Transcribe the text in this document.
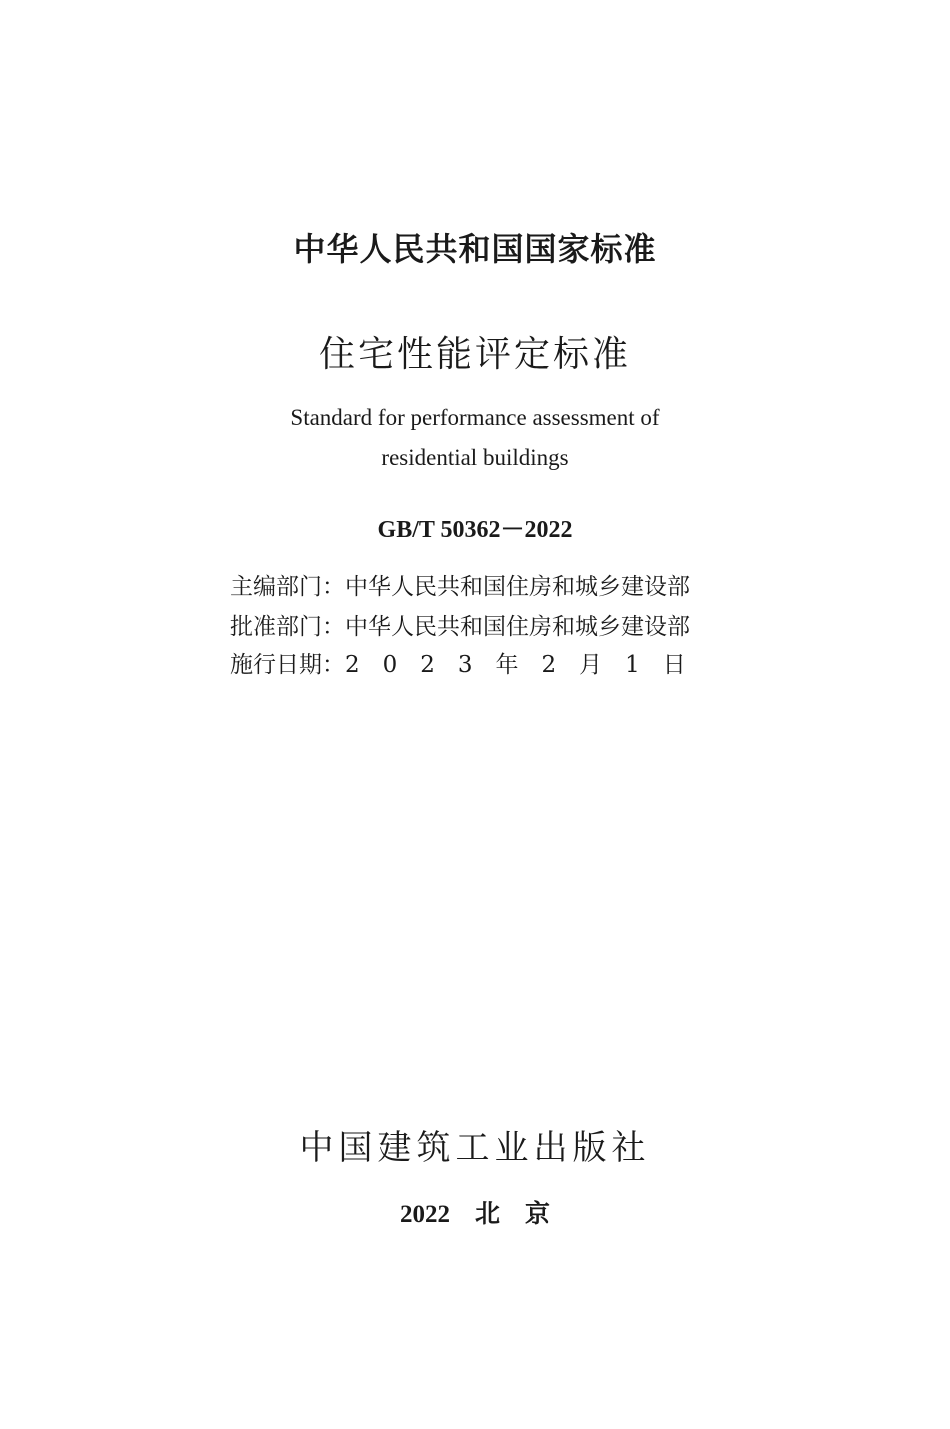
中华人民共和国国家标准
住宅性能评定标准
Standard for performance assessment of
residential buildings
GB/T 50362－2022
主编部门：中华人民共和国住房和城乡建设部
批准部门：中华人民共和国住房和城乡建设部
施行日期：2　0　2　3　年　2　月　1　日
中国建筑工业出版社
2022　北　京
